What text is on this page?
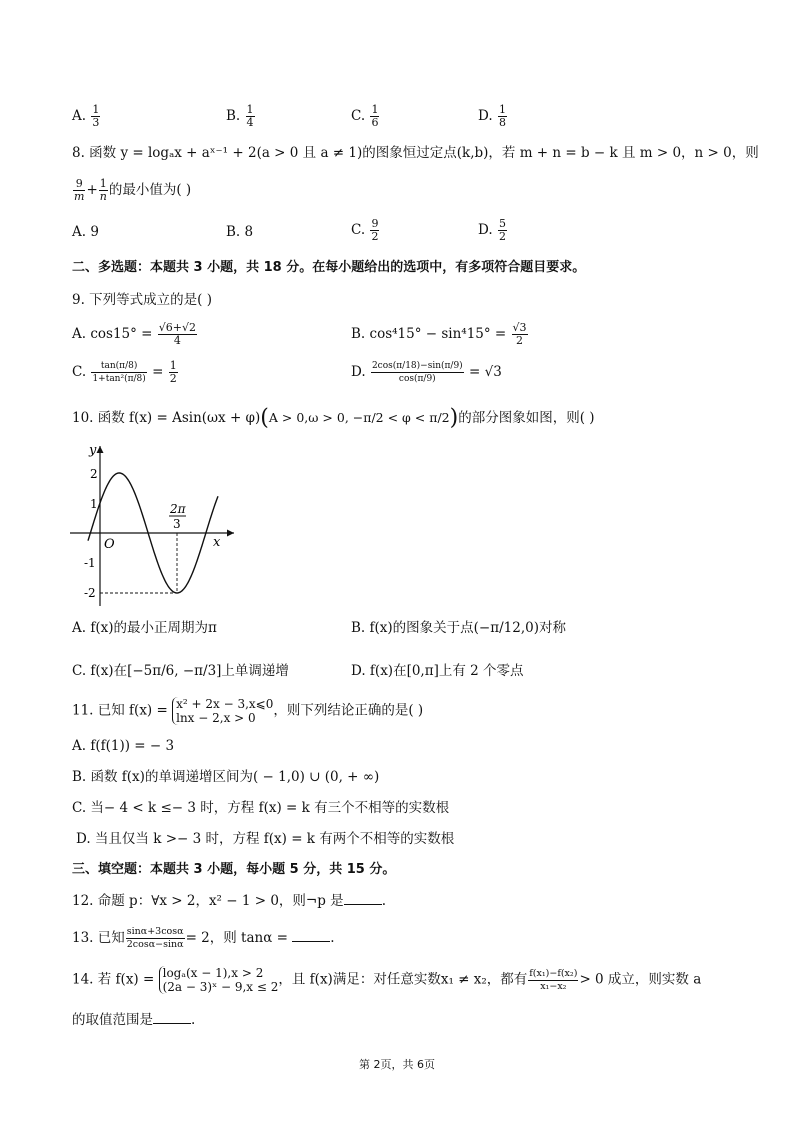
A. $\frac{1}{3}$	B. $\frac{1}{4}$	C. $\frac{1}{6}$	D. $\frac{1}{8}$
8. 函数 y = logₐx + aˣ⁻¹ + 2(a > 0 且 a ≠ 1)的图象恒过定点(k,b)，若 m + n = b − k 且 m > 0，n > 0，则
$\frac{9}{m} + \frac{1}{n}$ 的最小值为( )
A. 9	B. 8	C. $\frac{9}{2}$	D. $\frac{5}{2}$
二、多选题：本题共 3 小题，共 18 分。在每小题给出的选项中，有多项符合题目要求。
9. 下列等式成立的是( )
A. $\cos 15^\circ = \frac{√6+√2}{4}$	B. $\cos^415^\circ - \sin^415^\circ = \frac{√3}{2}$
C. $\frac{\tan(\pi/8)}{\text{1+tan²(π/8)}} = \frac{1}{2}$	D. $\frac{2\cos(\pi/18)-\sin(\pi/9)}{\cos(\pi/9)} = √3$
10. 函数 f(x) = Asin(ωx + φ)(A > 0,ω > 0, −π/2 < φ < π/2)的部分图象如图，则( )
y
x
O
2
1
-1
-2
2π
3
A. f(x)的最小正周期为π	B. f(x)的图象关于点(−π/12,0)对称
C. f(x)在[−5π/6, −π/3]上单调递增	D. f(x)在[0,π]上有 2 个零点
11. 已知 f(x) = x² + 2x − 3,x⩽0
lnx − 2,x > 0	，则下列结论正确的是( )
A. f(f(1)) = − 3
B. 函数 f(x)的单调递增区间为( − 1,0) ∪ (0, + ∞)
C. 当− 4 < k ≤− 3 时，方程 f(x) = k 有三个不相等的实数根
D. 当且仅当 k >− 3 时，方程 f(x) = k 有两个不相等的实数根
三、填空题：本题共 3 小题，每小题 5 分，共 15 分。
12. 命题 p：∀x > 2，x² − 1 > 0，则¬p 是	.
13. 已知 $\frac{\sin\alpha+3\cos\alpha}{2\cos\alpha-\sin\alpha} = 2$，则 tanα =	.
14. 若 f(x) = logₐ(x − 1),x > 2
(2a − 3)ˣ − 9,x ≤ 2 ，且 f(x)满足：对任意实数x₁ ≠ x₂，都有 $\frac{\text{f(x₁)−f(x₂)}}{\text{x₁−x₂}} > 0$ 成立，则实数 a
的取值范围是	.
第 2页，共 6页
